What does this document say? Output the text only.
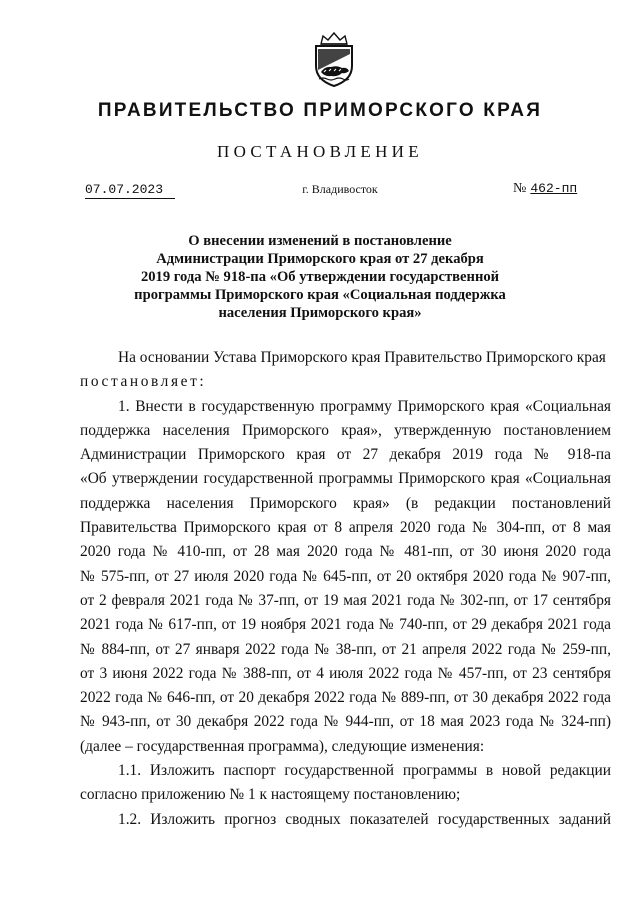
ПРАВИТЕЛЬСТВО ПРИМОРСКОГО КРАЯ
ПОСТАНОВЛЕНИЕ
07.07.2023	г. Владивосток	№ 462-пп
О внесении изменений в постановление
Администрации Приморского края от 27 декабря
2019 года № 918-па «Об утверждении государственной
программы Приморского края «Социальная поддержка
населения Приморского края»

На основании Устава Приморского края Правительство Приморского края

постановляет:

1. Внести в государственную программу Приморского края «Социальная
поддержка населения Приморского края», утвержденную постановлением
Администрации Приморского края от 27 декабря 2019 года № 918-па
«Об утверждении государственной программы Приморского края «Социальная
поддержка населения Приморского края» (в редакции постановлений
Правительства Приморского края от 8 апреля 2020 года № 304-пп, от 8 мая
2020 года № 410-пп, от 28 мая 2020 года № 481-пп, от 30 июня 2020 года
№ 575-пп, от 27 июля 2020 года № 645-пп, от 20 октября 2020 года № 907-пп,
от 2 февраля 2021 года № 37-пп, от 19 мая 2021 года № 302-пп, от 17 сентября
2021 года № 617-пп, от 19 ноября 2021 года № 740-пп, от 29 декабря 2021 года
№ 884-пп, от 27 января 2022 года № 38-пп, от 21 апреля 2022 года № 259-пп,
от 3 июня 2022 года № 388-пп, от 4 июля 2022 года № 457-пп, от 23 сентября
2022 года № 646-пп, от 20 декабря 2022 года № 889-пп, от 30 декабря 2022 года
№ 943-пп, от 30 декабря 2022 года № 944-пп, от 18 мая 2023 года № 324-пп)
(далее – государственная программа), следующие изменения:
1.1. Изложить паспорт государственной программы в новой редакции
согласно приложению № 1 к настоящему постановлению;
1.2. Изложить прогноз сводных показателей государственных заданий
